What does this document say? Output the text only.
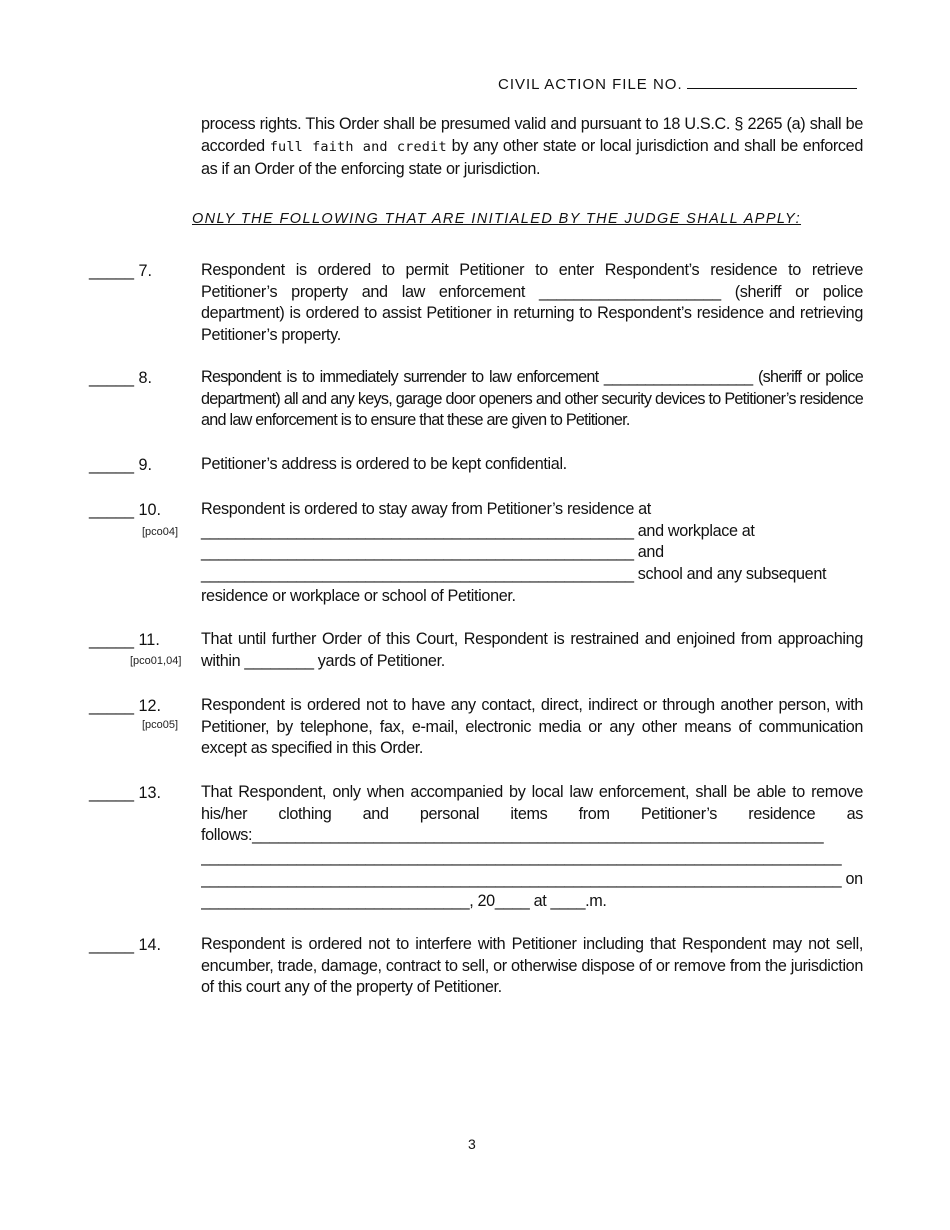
CIVIL ACTION FILE NO.
process rights. This Order shall be presumed valid and pursuant to 18 U.S.C. § 2265 (a) shall be accorded full faith and credit by any other state or local jurisdiction and shall be enforced as if an Order of the enforcing state or jurisdiction.
ONLY THE FOLLOWING THAT ARE INITIALED BY THE JUDGE SHALL APPLY:
_____ 7.	Respondent is ordered to permit Petitioner to enter Respondent’s residence to retrieve Petitioner’s property and law enforcement _____________________ (sheriff or police department) is ordered to assist Petitioner in returning to Respondent’s residence and retrieving Petitioner’s property.
_____ 8.	Respondent is to immediately surrender to law enforcement __________________ (sheriff or police department) all and any keys, garage door openers and other security devices to Petitioner’s residence and law enforcement is to ensure that these are given to Petitioner.
_____ 9.	Petitioner’s address is ordered to be kept confidential.
_____ 10.
[pco04]
Respondent is ordered to stay away from Petitioner’s residence at
__________________________________________________ and workplace at
__________________________________________________ and
__________________________________________________ school and any subsequent
residence or workplace or school of Petitioner.
_____ 11.
[pco01,04]
That until further Order of this Court, Respondent is restrained and enjoined from approaching within ________ yards of Petitioner.
_____ 12.
[pco05]
Respondent is ordered not to have any contact, direct, indirect or through another person, with Petitioner, by telephone, fax, e-mail, electronic media or any other means of communication except as specified in this Order.
_____ 13. That Respondent, only when accompanied by local law enforcement, shall be able to remove his/her clothing and personal items from Petitioner’s residence as follows:__________________________________________________________________
__________________________________________________________________________
__________________________________________________________________________ on
_______________________________, 20____ at ____.m.
_____ 14. Respondent is ordered not to interfere with Petitioner including that Respondent may not sell, encumber, trade, damage, contract to sell, or otherwise dispose of or remove from the jurisdiction of this court any of the property of Petitioner.
3
